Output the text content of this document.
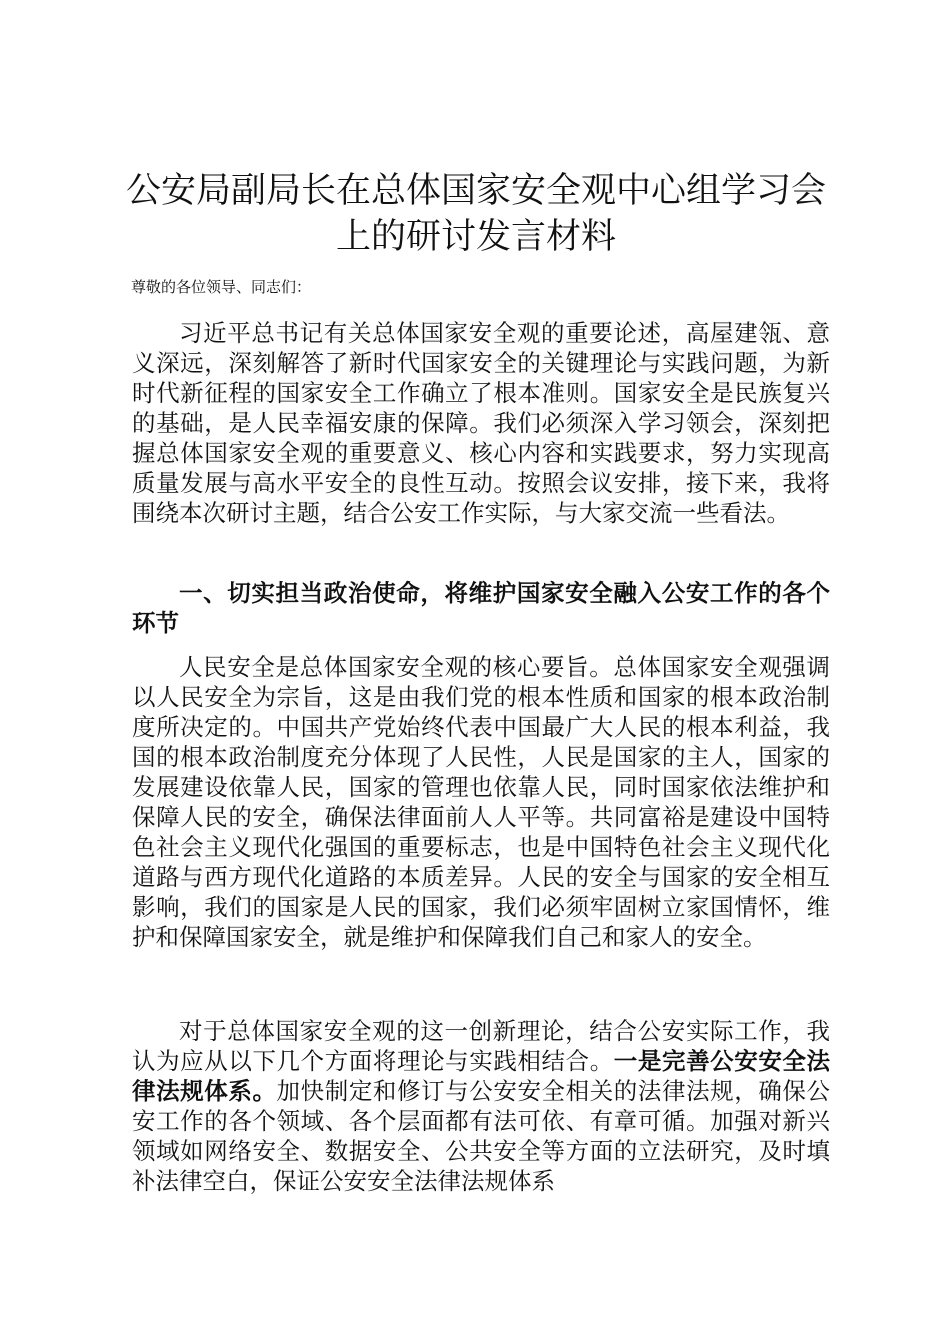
公安局副局长在总体国家安全观中心组学习会上的研讨发言材料

尊敬的各位领导、同志们：

习近平总书记有关总体国家安全观的重要论述，高屋建瓴、意义深远，深刻解答了新时代国家安全的关键理论与实践问题，为新时代新征程的国家安全工作确立了根本准则。国家安全是民族复兴的基础，是人民幸福安康的保障。我们必须深入学习领会，深刻把握总体国家安全观的重要意义、核心内容和实践要求，努力实现高质量发展与高水平安全的良性互动。按照会议安排，接下来，我将围绕本次研讨主题，结合公安工作实际，与大家交流一些看法。

一、切实担当政治使命，将维护国家安全融入公安工作的各个环节

人民安全是总体国家安全观的核心要旨。总体国家安全观强调以人民安全为宗旨，这是由我们党的根本性质和国家的根本政治制度所决定的。中国共产党始终代表中国最广大人民的根本利益，我国的根本政治制度充分体现了人民性，人民是国家的主人，国家的发展建设依靠人民，国家的管理也依靠人民，同时国家依法维护和保障人民的安全，确保法律面前人人平等。共同富裕是建设中国特色社会主义现代化强国的重要标志，也是中国特色社会主义现代化道路与西方现代化道路的本质差异。人民的安全与国家的安全相互影响，我们的国家是人民的国家，我们必须牢固树立家国情怀，维护和保障国家安全，就是维护和保障我们自己和家人的安全。

对于总体国家安全观的这一创新理论，结合公安实际工作，我认为应从以下几个方面将理论与实践相结合。一是完善公安安全法律法规体系。加快制定和修订与公安安全相关的法律法规，确保公安工作的各个领域、各个层面都有法可依、有章可循。加强对新兴领域如网络安全、数据安全、公共安全等方面的立法研究，及时填补法律空白，保证公安安全法律法规体系
